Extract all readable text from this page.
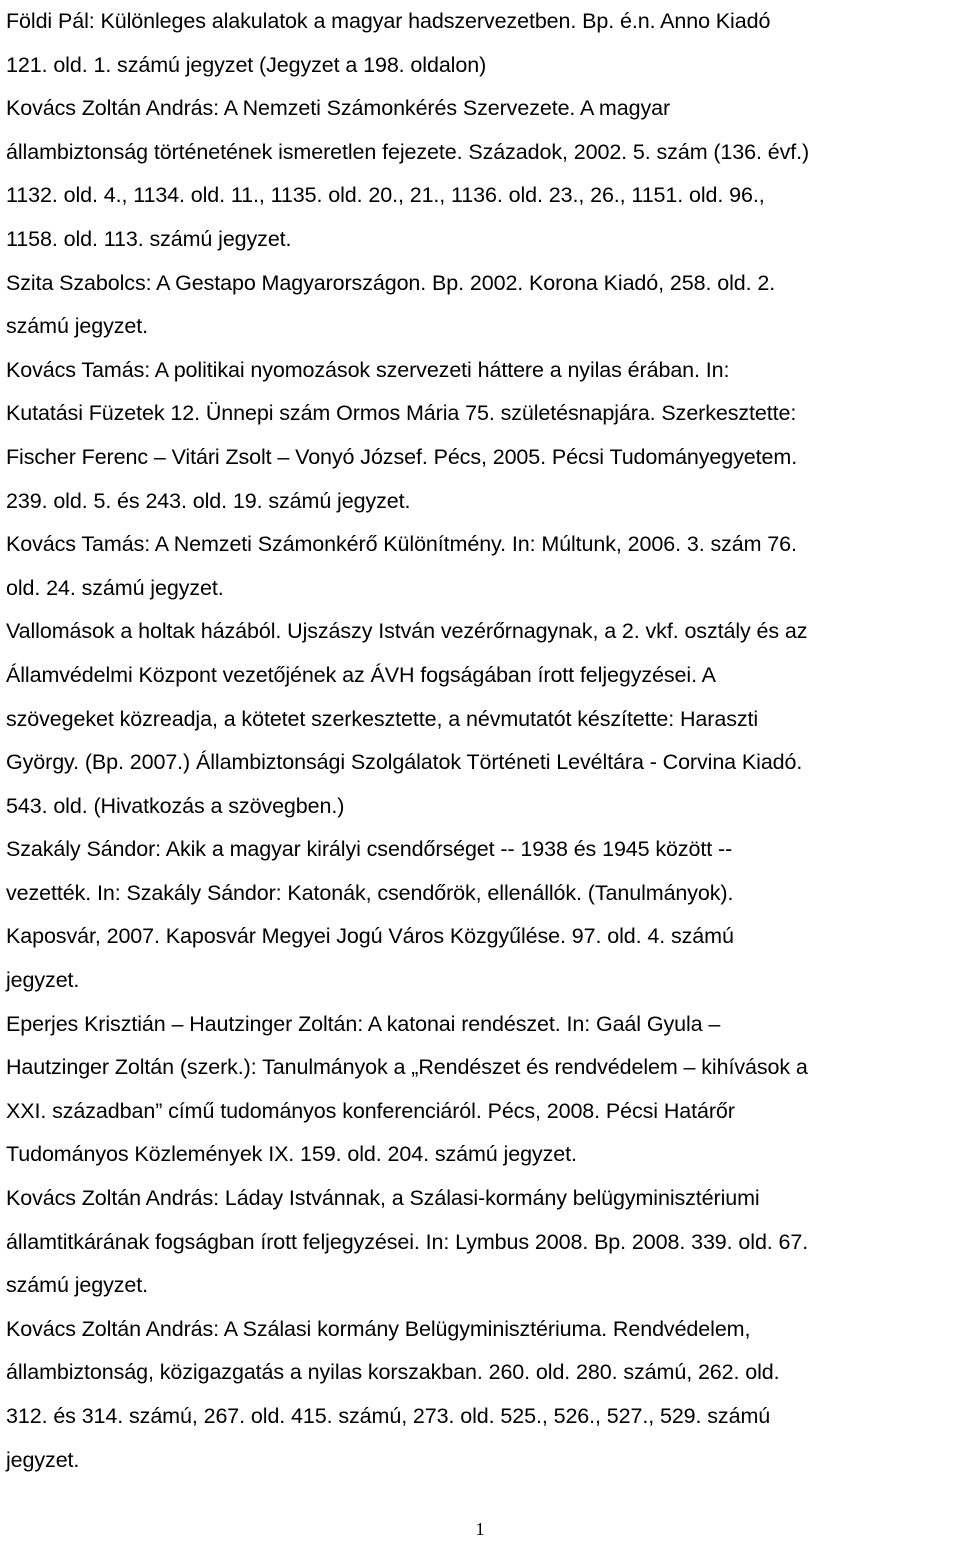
Földi Pál: Különleges alakulatok a magyar hadszervezetben. Bp. é.n. Anno Kiadó
121. old. 1. számú jegyzet (Jegyzet a 198. oldalon)
Kovács Zoltán András: A Nemzeti Számonkérés Szervezete. A magyar
állambiztonság történetének ismeretlen fejezete. Századok, 2002. 5. szám (136. évf.)
1132. old. 4., 1134. old. 11., 1135. old. 20., 21., 1136. old. 23., 26., 1151. old. 96.,
1158. old. 113. számú jegyzet.
Szita Szabolcs: A Gestapo Magyarországon. Bp. 2002. Korona Kiadó, 258. old. 2.
számú jegyzet.
Kovács Tamás: A politikai nyomozások szervezeti háttere a nyilas érában. In:
Kutatási Füzetek 12. Ünnepi szám Ormos Mária 75. születésnapjára. Szerkesztette:
Fischer Ferenc – Vitári Zsolt – Vonyó József. Pécs, 2005. Pécsi Tudományegyetem.
239. old. 5. és 243. old. 19. számú jegyzet.
Kovács Tamás: A Nemzeti Számonkérő Különítmény. In: Múltunk, 2006. 3. szám 76.
old. 24. számú jegyzet.
Vallomások a holtak házából. Ujszászy István vezérőrnagynak, a 2. vkf. osztály és az
Államvédelmi Központ vezetőjének az ÁVH fogságában írott feljegyzései. A
szövegeket közreadja, a kötetet szerkesztette, a névmutatót készítette: Haraszti
György. (Bp. 2007.) Állambiztonsági Szolgálatok Történeti Levéltára - Corvina Kiadó.
543. old. (Hivatkozás a szövegben.)
Szakály Sándor: Akik a magyar királyi csendőrséget -- 1938 és 1945 között --
vezették. In: Szakály Sándor: Katonák, csendőrök, ellenállók. (Tanulmányok).
Kaposvár, 2007. Kaposvár Megyei Jogú Város Közgyűlése. 97. old. 4. számú
jegyzet.
Eperjes Krisztián – Hautzinger Zoltán: A katonai rendészet. In: Gaál Gyula –
Hautzinger Zoltán (szerk.): Tanulmányok a „Rendészet és rendvédelem – kihívások a
XXI. században” című tudományos konferenciáról. Pécs, 2008. Pécsi Határőr
Tudományos Közlemények IX. 159. old. 204. számú jegyzet.
Kovács Zoltán András: Láday Istvánnak, a Szálasi-kormány belügyminisztériumi
államtitkárának fogságban írott feljegyzései. In: Lymbus 2008. Bp. 2008. 339. old. 67.
számú jegyzet.
Kovács Zoltán András: A Szálasi kormány Belügyminisztériuma. Rendvédelem,
állambiztonság, közigazgatás a nyilas korszakban. 260. old. 280. számú, 262. old.
312. és 314. számú, 267. old. 415. számú, 273. old. 525., 526., 527., 529. számú
jegyzet.
1
